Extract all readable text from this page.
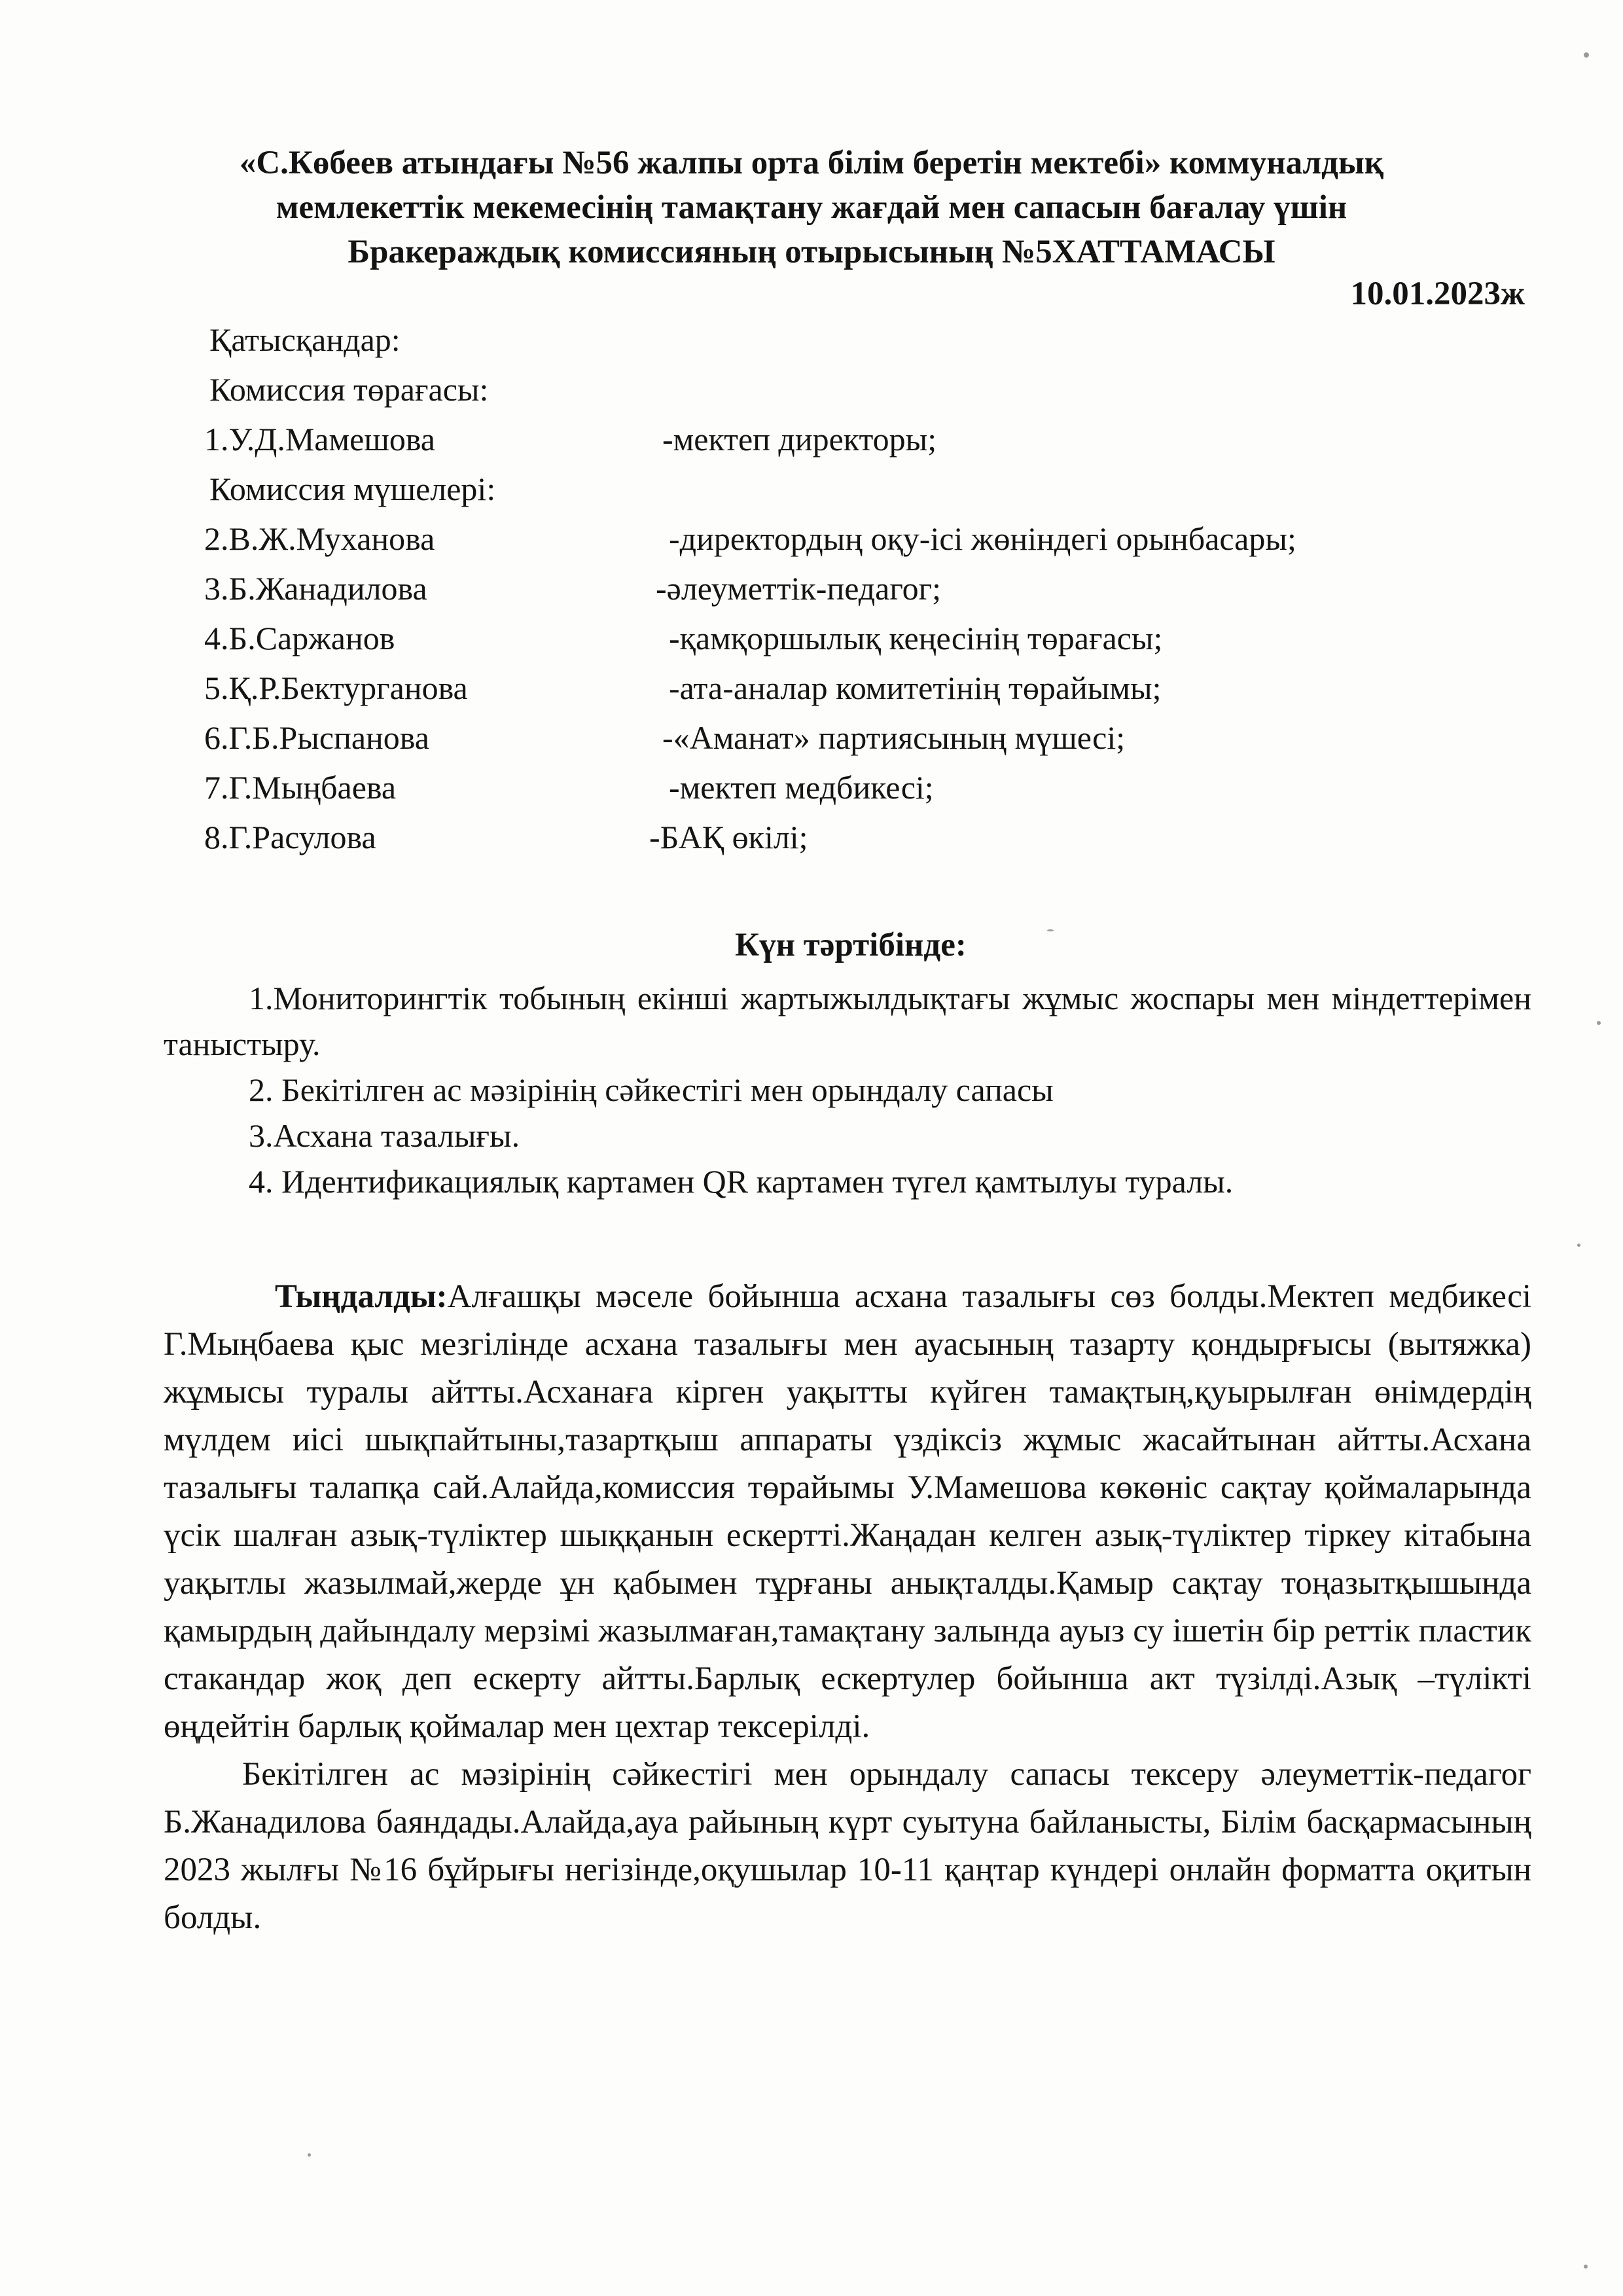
«С.Көбеев атындағы №56 жалпы орта білім беретін мектебі» коммуналдық
мемлекеттік мекемесінің тамақтану жағдай мен сапасын бағалау үшін
Бракераждық комиссияның отырысының №5ХАТТАМАСЫ
10.01.2023ж
Қатысқандар:
Комиссия төрағасы:
1.У.Д.Мамешова	-мектеп директоры;
Комиссия мүшелері:
2.В.Ж.Муханова	-директордың оқу-ісі жөніндегі орынбасары;
3.Б.Жанадилова	-әлеуметтік-педагог;
4.Б.Саржанов	-қамқоршылық кеңесінің төрағасы;
5.Қ.Р.Бектурганова	-ата-аналар комитетінің төрайымы;
6.Г.Б.Рыспанова	-«Аманат» партиясының мүшесі;
7.Г.Мыңбаева	-мектеп медбикесі;
8.Г.Расулова	-БАҚ өкілі;
Күн тәртібінде:
1.Мониторингтік тобының екінші жартыжылдықтағы жұмыс жоспары мен міндеттерімен таныстыру.
2. Бекітілген ас мәзірінің сәйкестігі мен орындалу сапасы
3.Асхана тазалығы.
4. Идентификациялық картамен QR картамен түгел қамтылуы туралы.

Тыңдалды:Алғашқы мәселе бойынша асхана тазалығы сөз болды.Мектеп медбикесі Г.Мыңбаева қыс мезгілінде асхана тазалығы мен ауасының тазарту қондырғысы (вытяжка) жұмысы туралы айтты.Асханаға кірген уақытты күйген тамақтың,қуырылған өнімдердің мүлдем иісі шықпайтыны,тазартқыш аппараты үздіксіз жұмыс жасайтынан айтты.Асхана тазалығы талапқа сай.Алайда,комиссия төрайымы У.Мамешова көкөніс сақтау қоймаларында үсік шалған азық-түліктер шыққанын ескертті.Жаңадан келген азық-түліктер тіркеу кітабына уақытлы жазылмай,жерде ұн қабымен тұрғаны анықталды.Қамыр сақтау тоңазытқышында қамырдың дайындалу мерзімі жазылмаған,тамақтану залында ауыз су ішетін бір реттік пластик стакандар жоқ деп ескерту айтты.Барлық ескертулер бойынша акт түзілді.Азық –түлікті өңдейтін барлық қоймалар мен цехтар тексерілді.

Бекітілген ас мәзірінің сәйкестігі мен орындалу сапасы тексеру әлеуметтік-педагог Б.Жанадилова баяндады.Алайда,ауа райының күрт суытуна байланысты, Білім басқармасының 2023 жылғы №16 бұйрығы негізінде,оқушылар 10-11 қаңтар күндері онлайн форматта оқитын болды.
